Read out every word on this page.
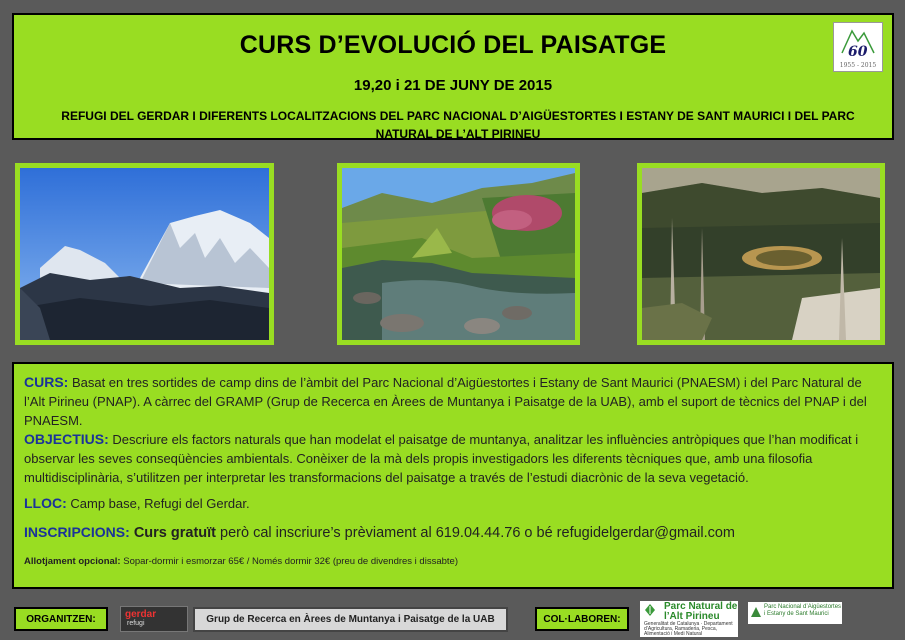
CURS D’EVOLUCIÓ DEL PAISATGE
19,20 i 21 DE JUNY DE 2015
REFUGI DEL GERDAR I DIFERENTS LOCALITZACIONS DEL PARC NACIONAL D’AIGÜESTORTES I ESTANY DE SANT MAURICI I DEL PARC NATURAL DE L’ALT PIRINEU
60
1955 - 2015

CURS: Basat en tres sortides de camp dins de l’àmbit del Parc Nacional d’Aigüestortes i Estany de Sant Maurici (PNAESM) i del Parc Natural de l’Alt Pirineu (PNAP). A càrrec del GRAMP (Grup de Recerca en Àrees de Muntanya i Paisatge de la UAB), amb el suport de tècnics del PNAP i del PNAESM.

OBJECTIUS: Descriure els factors naturals que han modelat el paisatge de muntanya, analitzar les influències antròpiques que l’han modificat i observar les seves conseqüències ambientals. Conèixer de la mà dels propis investigadors les diferents tècniques que, amb una filosofia multidisciplinària, s’utilitzen per interpretar les transformacions del paisatge a través de l’estudi diacrònic de la seva vegetació.

LLOC: Camp base, Refugi del Gerdar.

INSCRIPCIONS: Curs gratuït però cal inscriure’s prèviament al 619.04.44.76 o bé refugidelgerdar@gmail.com

Allotjament opcional: Sopar-dormir i esmorzar 65€ / Només dormir 32€ (preu de divendres i dissabte)

ORGANITZEN:	gerdar
refugi	Grup de Recerca en Àrees de Muntanya i Paisatge de la UAB	COL·LABOREN:
Parc Natural de l’Alt Pirineu
Generalitat de Catalunya · Departament d’Agricultura, Ramaderia, Pesca, Alimentació i Medi Natural
Parc Nacional d’Aigüestortes i Estany de Sant Maurici
